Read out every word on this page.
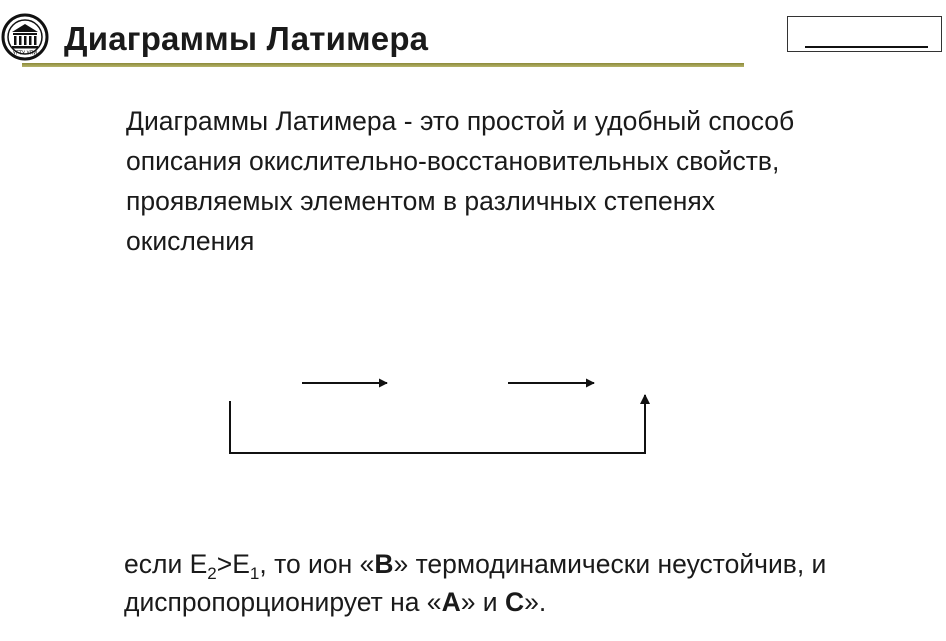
УГТУ УПИ Диаграммы Латимера

Диаграммы Латимера - это простой и удобный способ описания окислительно-восстановительных свойств, проявляемых элементом в различных степенях окисления

если $E_2>E_1$, то ион «B» термодинамически неустойчив, и диспропорционирует на «A» и C».
